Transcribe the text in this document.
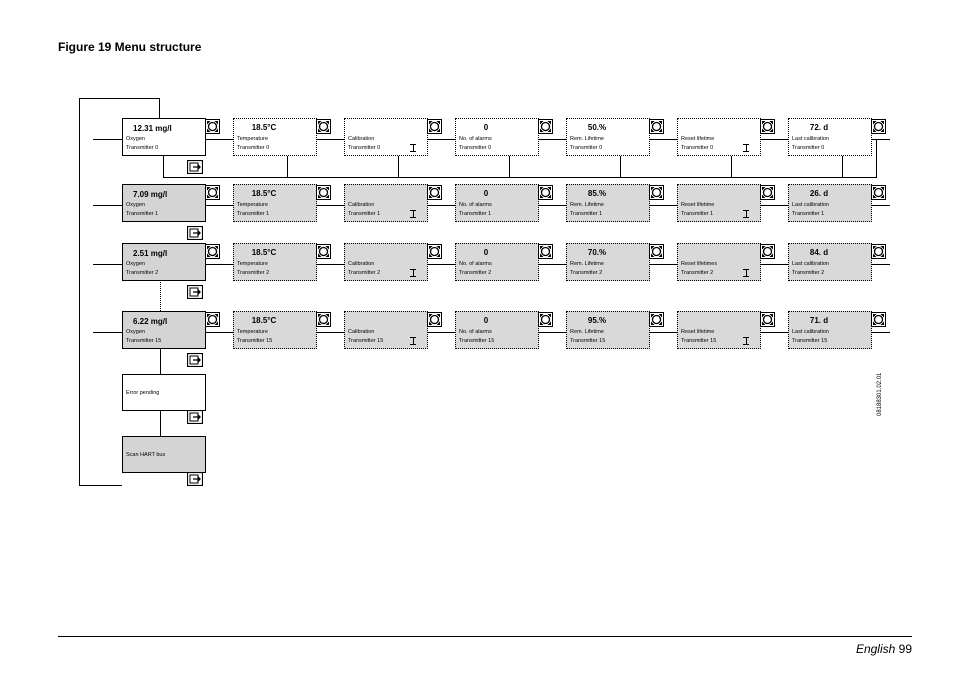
Figure 19 Menu structure
12.31 mg/l
Oxygen
Transmitter 0
18.5°C
Temperature
Transmitter 0
Calibration
Transmitter 0
0
No. of alarms
Transmitter 0
50.%
Rem. Lifetime
Transmitter 0
Reset lifetime
Transmitter 0
72. d
Last calibration
Transmitter 0
7.09 mg/l
Oxygen
Transmitter 1
18.5°C
Temperature
Transmitter 1
Calibration
Transmitter 1
0
No. of alarms
Transmitter 1
85.%
Rem. Lifetime
Transmitter 1
Reset lifetime
Transmitter 1
26. d
Last calibration
Transmitter 1
2.51 mg/l
Oxygen
Transmitter 2
18.5°C
Temperature
Transmitter 2
Calibration
Transmitter 2
0
No. of alarms
Transmitter 2
70.%
Rem. Lifetime
Transmitter 2
Reset lifetimes
Transmitter 2
84. d
Last calibration
Transmitter 2
6.22 mg/l
Oxygen
Transmitter 15
18.5°C
Temperature
Transmitter 15
Calibration
Transmitter 15
0
No. of alarms
Transmitter 15
95.%
Rem. Lifetime
Transmitter 15
Reset lifetime
Transmitter 15
71. d
Last calibration
Transmitter 15
Error pending
Scan HART bus
08188301.02.01
English 99
